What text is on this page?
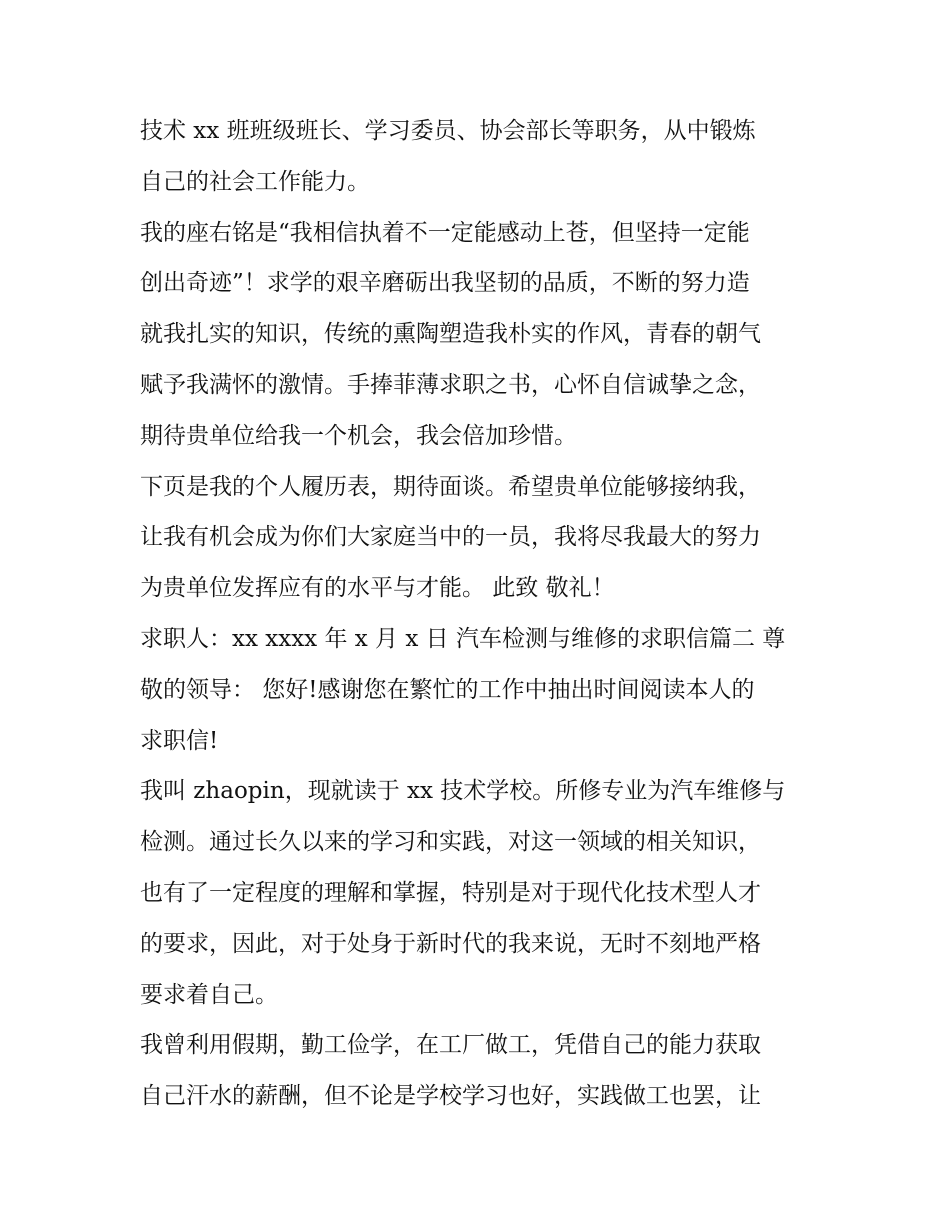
技术 xx 班班级班长、学习委员、协会部长等职务，从中锻炼
自己的社会工作能力。
我的座右铭是“我相信执着不一定能感动上苍，但坚持一定能
创出奇迹”！求学的艰辛磨砺出我坚韧的品质，不断的努力造
就我扎实的知识，传统的熏陶塑造我朴实的作风，青春的朝气
赋予我满怀的激情。手捧菲薄求职之书，心怀自信诚挚之念，
期待贵单位给我一个机会，我会倍加珍惜。
下页是我的个人履历表，期待面谈。希望贵单位能够接纳我，
让我有机会成为你们大家庭当中的一员，我将尽我最大的努力
为贵单位发挥应有的水平与才能。 此致 敬礼！
求职人：xx xxxx 年 x 月 x 日 汽车检测与维修的求职信篇二 尊
敬的领导： 您好!感谢您在繁忙的工作中抽出时间阅读本人的
求职信!
我叫 zhaopin，现就读于 xx 技术学校。所修专业为汽车维修与
检测。通过长久以来的学习和实践，对这一领域的相关知识，
也有了一定程度的理解和掌握，特别是对于现代化技术型人才
的要求，因此，对于处身于新时代的我来说，无时不刻地严格
要求着自己。
我曾利用假期，勤工俭学，在工厂做工，凭借自己的能力获取
自己汗水的薪酬，但不论是学校学习也好，实践做工也罢，让
